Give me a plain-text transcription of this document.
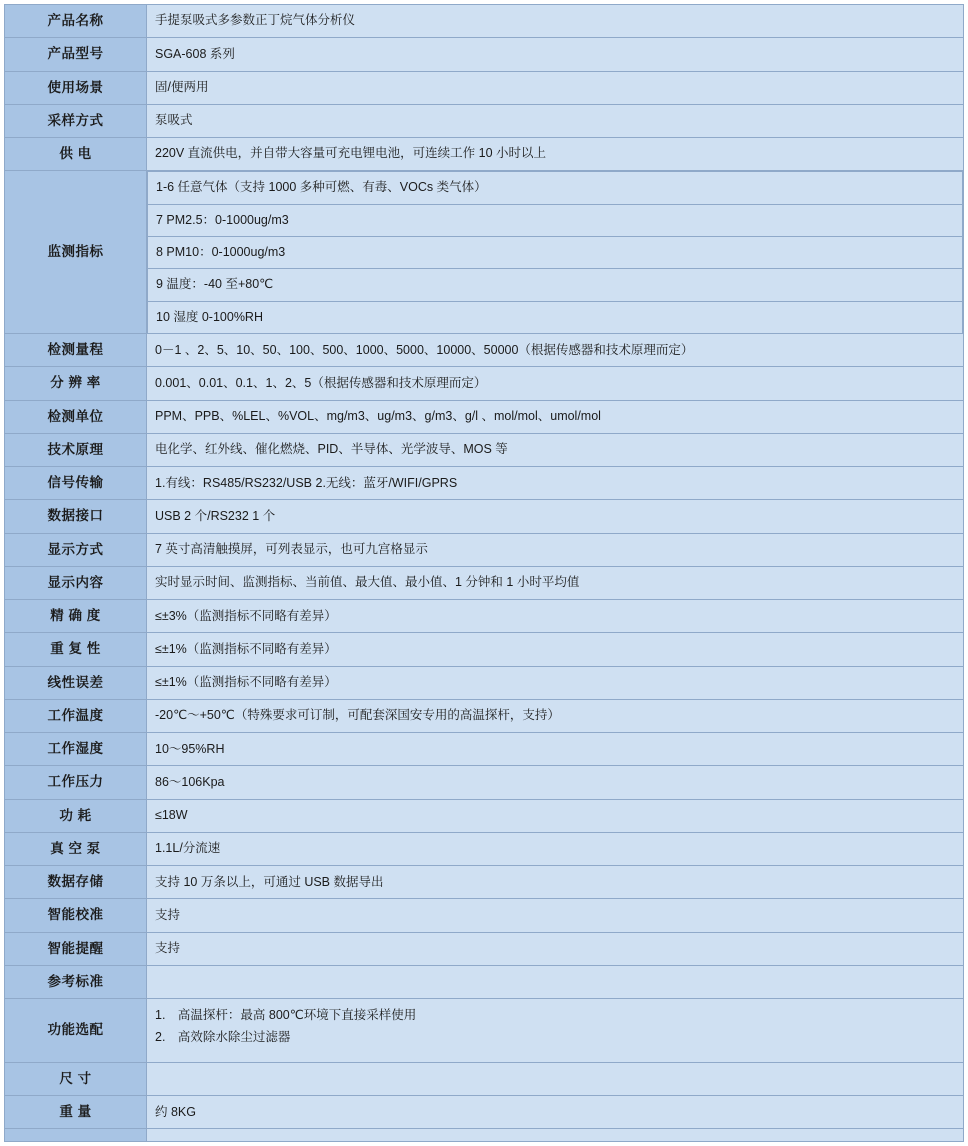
产品名称	手提泵吸式多参数正丁烷气体分析仪
产品型号	SGA-608 系列
使用场景	固/便两用
采样方式	泵吸式
供 电	220V 直流供电，并自带大容量可充电锂电池，可连续工作 10 小时以上
监测指标	
1-6 任意气体（支持 1000 多种可燃、有毒、VOCs 类气体）
7 PM2.5：0-1000ug/m3
8 PM10：0-1000ug/m3
9 温度：-40 至+80℃
10 湿度 0-100%RH

检测量程	0－1 、2、5、10、50、100、500、1000、5000、10000、50000（根据传感器和技术原理而定）
分 辨 率	0.001、0.01、0.1、1、2、5（根据传感器和技术原理而定）
检测单位	PPM、PPB、%LEL、%VOL、mg/m3、ug/m3、g/m3、g/l 、mol/mol、umol/mol
技术原理	电化学、红外线、催化燃烧、PID、半导体、光学波导、MOS 等
信号传输	1.有线：RS485/RS232/USB 2.无线：蓝牙/WIFI/GPRS
数据接口	USB 2 个/RS232 1 个
显示方式	7 英寸高清触摸屏，可列表显示，也可九宫格显示
显示内容	实时显示时间、监测指标、当前值、最大值、最小值、1 分钟和 1 小时平均值
精 确 度	≤±3%（监测指标不同略有差异）
重 复 性	≤±1%（监测指标不同略有差异）
线性误差	≤±1%（监测指标不同略有差异）
工作温度	-20℃～+50℃（特殊要求可订制，可配套深国安专用的高温探杆，支持）
工作湿度	10～95%RH
工作压力	86～106Kpa
功 耗	≤18W
真 空 泵	1.1L/分流速
数据存储	支持 10 万条以上，可通过 USB 数据导出
智能校准	支持
智能提醒	支持
参考标准	
功能选配	
1.　高温探杆：最高 800℃环境下直接采样使用
2.　高效除水除尘过滤器

尺 寸	

重 量	约 8KG
